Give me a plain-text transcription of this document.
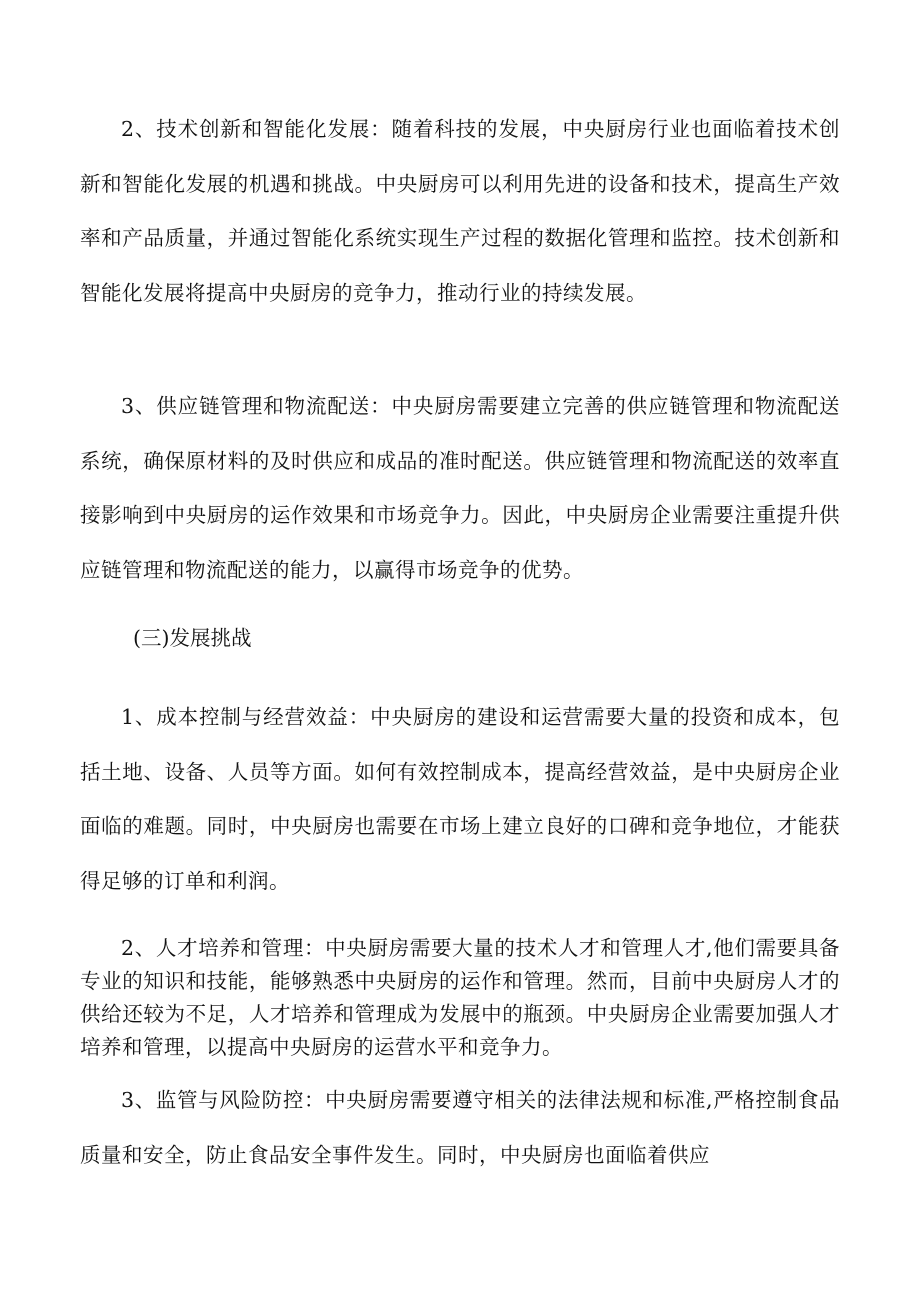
2、技术创新和智能化发展：随着科技的发展，中央厨房行业也面临着技术创新和智能化发展的机遇和挑战。中央厨房可以利用先进的设备和技术，提高生产效率和产品质量，并通过智能化系统实现生产过程的数据化管理和监控。技术创新和智能化发展将提高中央厨房的竞争力，推动行业的持续发展。

3、供应链管理和物流配送：中央厨房需要建立完善的供应链管理和物流配送系统，确保原材料的及时供应和成品的准时配送。供应链管理和物流配送的效率直接影响到中央厨房的运作效果和市场竞争力。因此，中央厨房企业需要注重提升供应链管理和物流配送的能力，以赢得市场竞争的优势。

(三)发展挑战

1、成本控制与经营效益：中央厨房的建设和运营需要大量的投资和成本，包括土地、设备、人员等方面。如何有效控制成本，提高经营效益，是中央厨房企业面临的难题。同时，中央厨房也需要在市场上建立良好的口碑和竞争地位，才能获得足够的订单和利润。

2、人才培养和管理：中央厨房需要大量的技术人才和管理人才,他们需要具备专业的知识和技能，能够熟悉中央厨房的运作和管理。然而，目前中央厨房人才的供给还较为不足，人才培养和管理成为发展中的瓶颈。中央厨房企业需要加强人才培养和管理，以提高中央厨房的运营水平和竞争力。

3、监管与风险防控：中央厨房需要遵守相关的法律法规和标准,严格控制食品质量和安全，防止食品安全事件发生。同时，中央厨房也面临着供应
